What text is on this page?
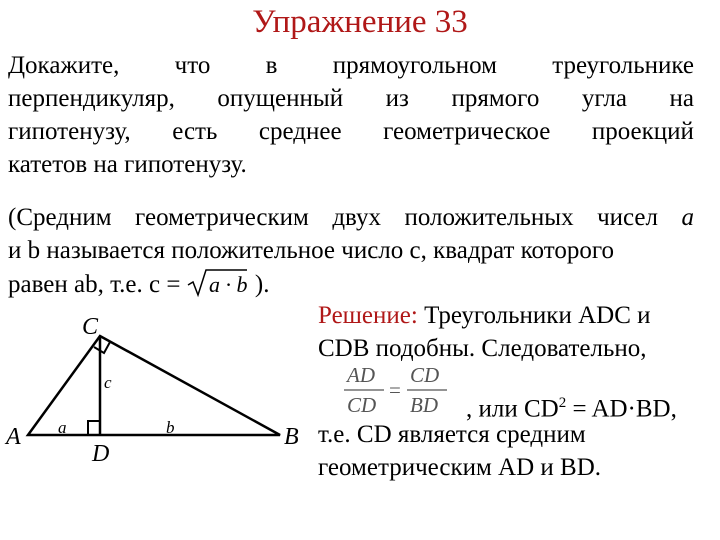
Упражнение 33
Докажите, что в прямоугольном треугольнике
перпендикуляр, опущенный из прямого угла на
гипотенузу, есть среднее геометрическое проекций
катетов на гипотенузу.
(Средним геометрическим двух положительных чисел a
и b называется положительное число c, квадрат которого
равен ab, т.е. c = a · b ).
Решение: Треугольники ADC и
CDB подобны. Следовательно,
AD
CD
=
CD
BD , или $CD^2 = AD\cdot BD$,
т.е. CD является средним
геометрическим AD и BD.
A	B
C
D
a	b
c
